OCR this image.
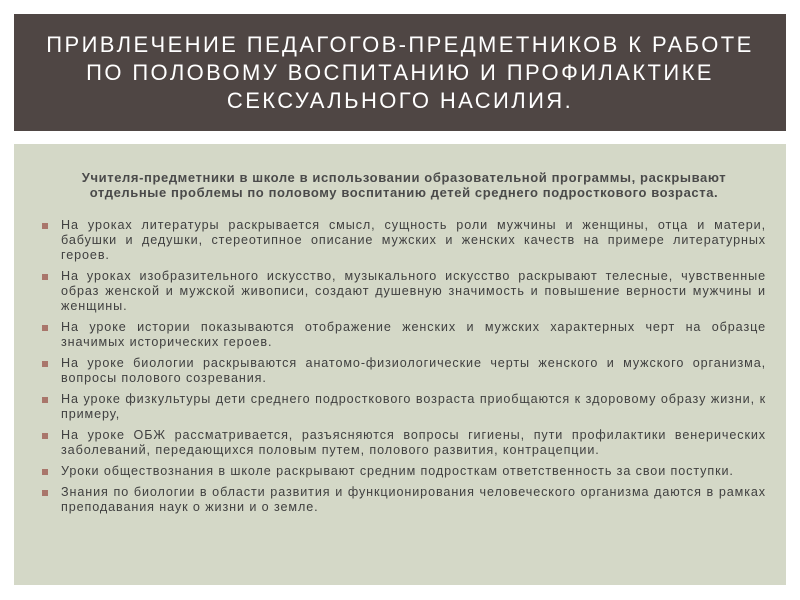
ПРИВЛЕЧЕНИЕ ПЕДАГОГОВ-ПРЕДМЕТНИКОВ К РАБОТЕ ПО ПОЛОВОМУ ВОСПИТАНИЮ И ПРОФИЛАКТИКЕ СЕКСУАЛЬНОГО НАСИЛИЯ.

Учителя-предметники в школе в использовании образовательной программы, раскрывают отдельные проблемы по половому воспитанию детей среднего подросткового возраста.

На уроках литературы раскрывается смысл, сущность роли мужчины и женщины, отца и матери, бабушки и дедушки, стереотипное описание мужских и женских качеств на примере литературных героев.
На уроках изобразительного искусство, музыкального искусство раскрывают телесные, чувственные образ женской и мужской живописи, создают душевную значимость и повышение верности мужчины и женщины.
На уроке истории показываются отображение женских и мужских характерных черт на образце значимых исторических героев.
На уроке биологии раскрываются анатомо-физиологические черты женского и мужского организма, вопросы полового созревания.
На уроке физкультуры дети среднего подросткового возраста приобщаются к здоровому образу жизни, к примеру,
На уроке ОБЖ рассматривается, разъясняются вопросы гигиены, пути профилактики венерических заболеваний, передающихся половым путем, полового развития, контрацепции.
Уроки обществознания в школе раскрывают средним подросткам ответственность за свои поступки.
Знания по биологии в области развития и функционирования человеческого организма даются в рамках преподавания наук о жизни и о земле.
